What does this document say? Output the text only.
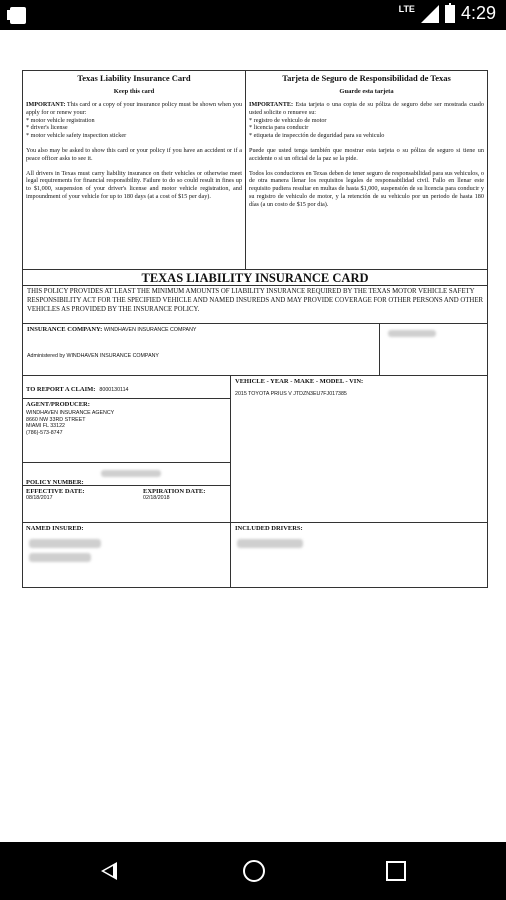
LTE	4:29
Texas Liability Insurance Card
Keep this card
IMPORTANT: This card or a copy of your insurance policy must be shown when you apply for or renew your:
* motor vehicle registration
* driver's license
* motor vehicle safety inspection sticker
You also may be asked to show this card or your policy if you have an accident or if a peace officer asks to see it.
All drivers in Texas must carry liability insurance on their vehicles or otherwise meet legal requirements for financial responsibility. Failure to do so could result in fines up to $1,000, suspension of your driver's license and motor vehicle registration, and impoundment of your vehicle for up to 180 days (at a cost of $15 per day).
Tarjeta de Seguro de Responsibilidad de Texas
Guarde esta tarjeta
IMPORTANTE: Esta tarjeta o una copia de su póliza de seguro debe ser mostrada cuado usted solicite o renueve su:
* registro de vehiculo de motor
* licencia para conducir
* etiqueta de inspección de deguridad para su vehiculo
Puede que usted tenga también que mostrar esta tarjeta o su póliza de seguro si tiene un accidente o si un oficial de la paz se la pide.
Todos los conductores en Texas deben de tener seguro de responsabilidad para sus vehiculos, o de otra manera llenar los requisitos legales de responsabilidad civil. Fallo en llenar este requisito pudiera resultar en multas de hasta $1,000, suspensión de su licencia para conducir y su registro de vehiculo de motor, y la retención de su vehiculo por un periodo de hasta 180 días (a un costo de $15 por dia).
TEXAS LIABILITY INSURANCE CARD
THIS POLICY PROVIDES AT LEAST THE MINIMUM AMOUNTS OF LIABILITY INSURANCE REQUIRED BY THE TEXAS MOTOR VEHICLE SAFETY RESPONSIBILITY ACT FOR THE SPECIFIED VEHICLE AND NAMED INSUREDS AND MAY PROVIDE COVERAGE FOR OTHER PERSONS AND OTHER VEHICLES AS PROVIDED BY THE INSURANCE POLICY.
INSURANCE COMPANY: WINDHAVEN INSURANCE COMPANY
Administered by WINDHAVEN INSURANCE COMPANY
TO REPORT A CLAIM: 8000130114
AGENT/PRODUCER:
WINDHAVEN INSURANCE AGENCY
8660 NW 33RD STREET
MIAMI FL 33122
(786)-573-8747
$_{POLICY NUMBER:}$
EFFECTIVE DATE:
08/18/2017
EXPIRATION DATE:
02/18/2018
NAMED INSURED:
VEHICLE - YEAR - MAKE - MODEL - VIN:
2015 TOYOTA PRIUS V JTDZN3EU7FJ017385
INCLUDED DRIVERS:
